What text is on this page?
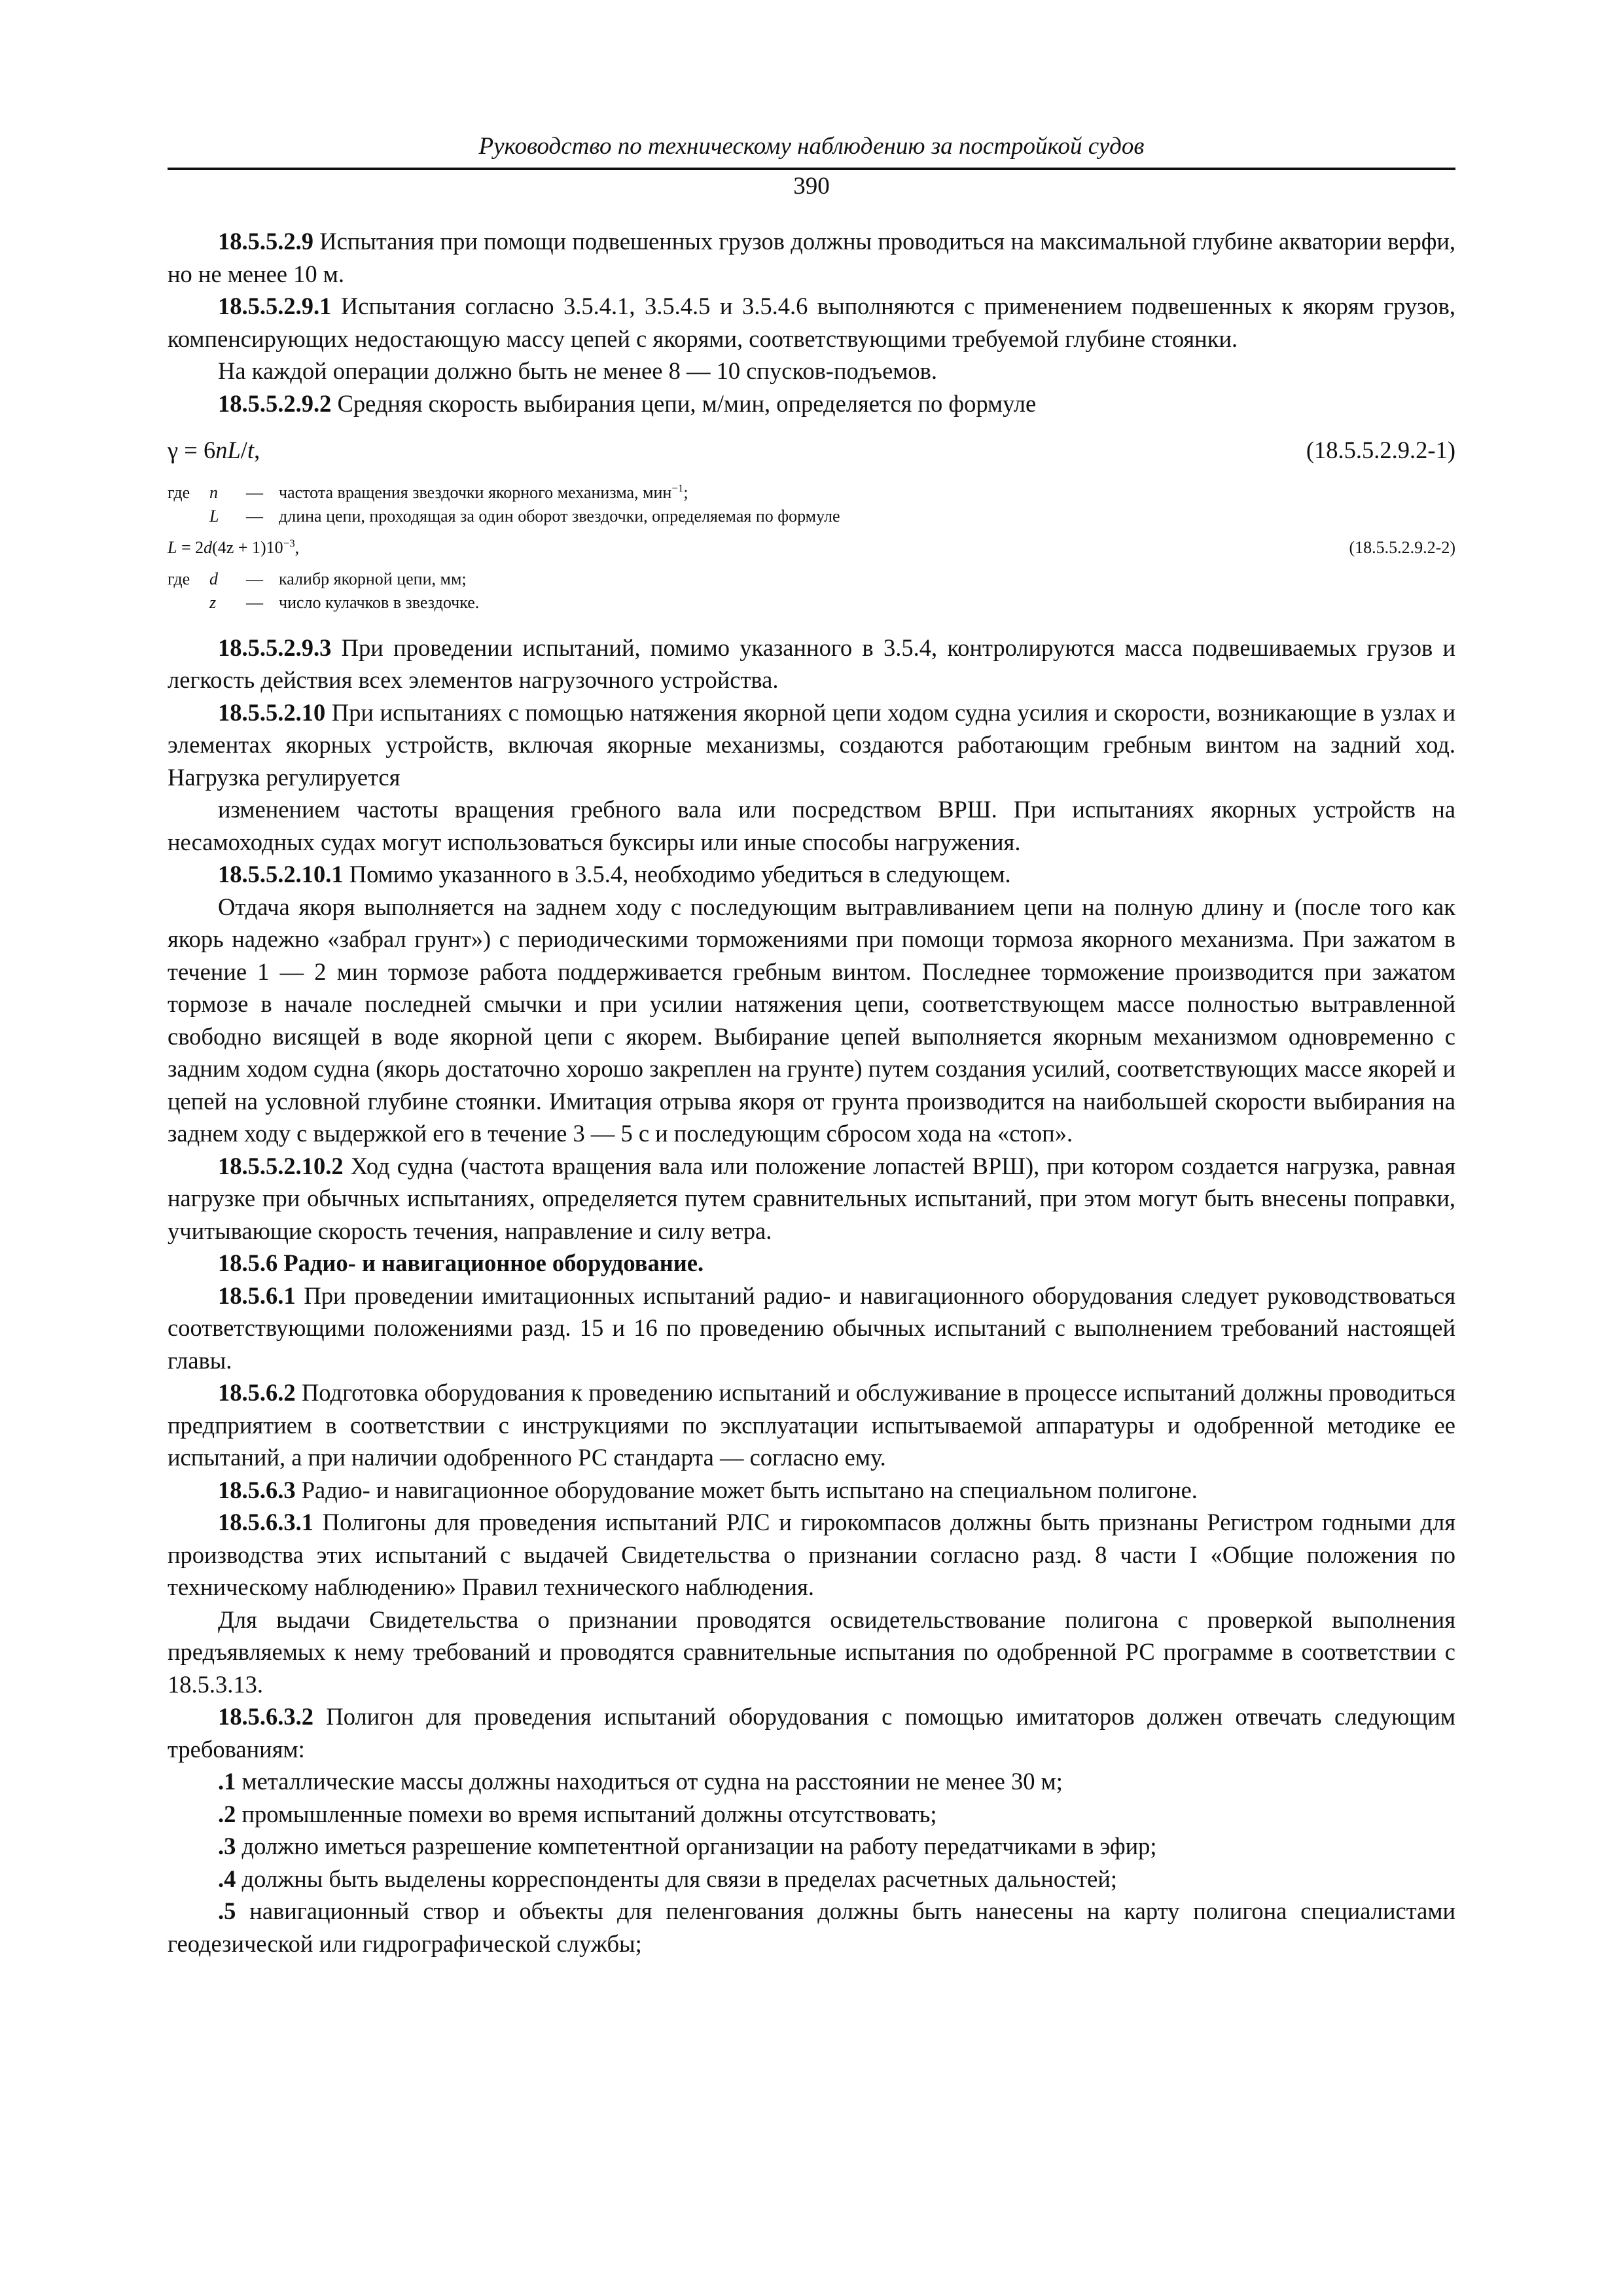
Руководство по техническому наблюдению за постройкой судов
390

18.5.5.2.9 Испытания при помощи подвешенных грузов должны проводиться на максимальной глубине акватории верфи, но не менее 10 м.

18.5.5.2.9.1 Испытания согласно 3.5.4.1, 3.5.4.5 и 3.5.4.6 выполняются с применением подвешенных к якорям грузов, компенсирующих недостающую массу цепей с якорями, соответствующими требуемой глубине стоянки.

На каждой операции должно быть не менее 8 — 10 спусков-подъемов.

18.5.5.2.9.2 Средняя скорость выбирания цепи, м/мин, определяется по формуле

γ = 6nL/t,	(18.5.5.2.9.2-1)
где	n	— частота вращения звездочки якорного механизма, мин$^{-1}$;
L	— длина цепи, проходящая за один оборот звездочки, определяемая по формуле
$L = 2d(4z + 1)10^{-3}$,	(18.5.5.2.9.2-2)
где	d	— калибр якорной цепи, мм;
z	— число кулачков в звездочке.

18.5.5.2.9.3 При проведении испытаний, помимо указанного в 3.5.4, контролируются масса подвешиваемых грузов и легкость действия всех элементов нагрузочного устройства.

18.5.5.2.10 При испытаниях с помощью натяжения якорной цепи ходом судна усилия и скорости, возникающие в узлах и элементах якорных устройств, включая якорные механизмы, создаются работающим гребным винтом на задний ход. Нагрузка регулируется

изменением частоты вращения гребного вала или посредством ВРШ. При испытаниях якорных устройств на несамоходных судах могут использоваться буксиры или иные способы нагружения.

18.5.5.2.10.1 Помимо указанного в 3.5.4, необходимо убедиться в следующем.

Отдача якоря выполняется на заднем ходу с последующим вытравливанием цепи на полную длину и (после того как якорь надежно «забрал грунт») с периодическими торможениями при помощи тормоза якорного механизма. При зажатом в течение 1 — 2 мин тормозе работа поддерживается гребным винтом. Последнее торможение производится при зажатом тормозе в начале последней смычки и при усилии натяжения цепи, соответствующем массе полностью вытравленной свободно висящей в воде якорной цепи с якорем. Выбирание цепей выполняется якорным механизмом одновременно с задним ходом судна (якорь достаточно хорошо закреплен на грунте) путем создания усилий, соответствующих массе якорей и цепей на условной глубине стоянки. Имитация отрыва якоря от грунта производится на наибольшей скорости выбирания на заднем ходу с выдержкой его в течение 3 — 5 с и последующим сбросом хода на «стоп».

18.5.5.2.10.2 Ход судна (частота вращения вала или положение лопастей ВРШ), при котором создается нагрузка, равная нагрузке при обычных испытаниях, определяется путем сравнительных испытаний, при этом могут быть внесены поправки, учитывающие скорость течения, направление и силу ветра.

18.5.6 Радио- и навигационное оборудование.

18.5.6.1 При проведении имитационных испытаний радио- и навигационного оборудования следует руководствоваться соответствующими положениями разд. 15 и 16 по проведению обычных испытаний с выполнением требований настоящей главы.

18.5.6.2 Подготовка оборудования к проведению испытаний и обслуживание в процессе испытаний должны проводиться предприятием в соответствии с инструкциями по эксплуатации испытываемой аппаратуры и одобренной методике ее испытаний, а при наличии одобренного РС стандарта — согласно ему.

18.5.6.3 Радио- и навигационное оборудование может быть испытано на специальном полигоне.

18.5.6.3.1 Полигоны для проведения испытаний РЛС и гирокомпасов должны быть признаны Регистром годными для производства этих испытаний с выдачей Свидетельства о признании согласно разд. 8 части I «Общие положения по техническому наблюдению» Правил технического наблюдения.

Для выдачи Свидетельства о признании проводятся освидетельствование полигона с проверкой выполнения предъявляемых к нему требований и проводятся сравнительные испытания по одобренной РС программе в соответствии с 18.5.3.13.

18.5.6.3.2 Полигон для проведения испытаний оборудования с помощью имитаторов должен отвечать следующим требованиям:

.1 металлические массы должны находиться от судна на расстоянии не менее 30 м;

.2 промышленные помехи во время испытаний должны отсутствовать;

.3 должно иметься разрешение компетентной организации на работу передатчиками в эфир;

.4 должны быть выделены корреспонденты для связи в пределах расчетных дальностей;

.5 навигационный створ и объекты для пеленгования должны быть нанесены на карту полигона специалистами геодезической или гидрографической службы;
